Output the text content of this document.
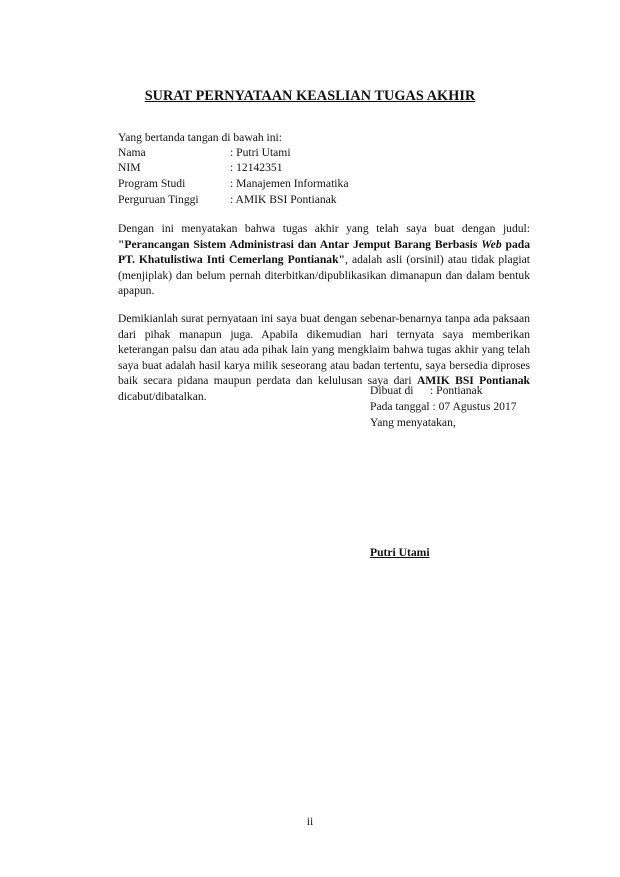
SURAT PERNYATAAN KEASLIAN TUGAS AKHIR
Yang bertanda tangan di bawah ini:
Nama	: Putri Utami
NIM	: 12142351
Program Studi	: Manajemen Informatika
Perguruan Tinggi	: AMIK BSI Pontianak
Dengan ini menyatakan bahwa tugas akhir yang telah saya buat dengan judul: "Perancangan Sistem Administrasi dan Antar Jemput Barang Berbasis Web pada PT. Khatulistiwa Inti Cemerlang Pontianak", adalah asli (orsinil) atau tidak plagiat (menjiplak) dan belum pernah diterbitkan/dipublikasikan dimanapun dan dalam bentuk apapun.
Demikianlah surat pernyataan ini saya buat dengan sebenar-benarnya tanpa ada paksaan dari pihak manapun juga. Apabila dikemudian hari ternyata saya memberikan keterangan palsu dan atau ada pihak lain yang mengklaim bahwa tugas akhir yang telah saya buat adalah hasil karya milik seseorang atau badan tertentu, saya bersedia diproses baik secara pidana maupun perdata dan kelulusan saya dari AMIK BSI Pontianak dicabut/dibatalkan.	Dibuat di : Pontianak
Pada tanggal : 07 Agustus 2017
Yang menyatakan,
Putri Utami
ii
